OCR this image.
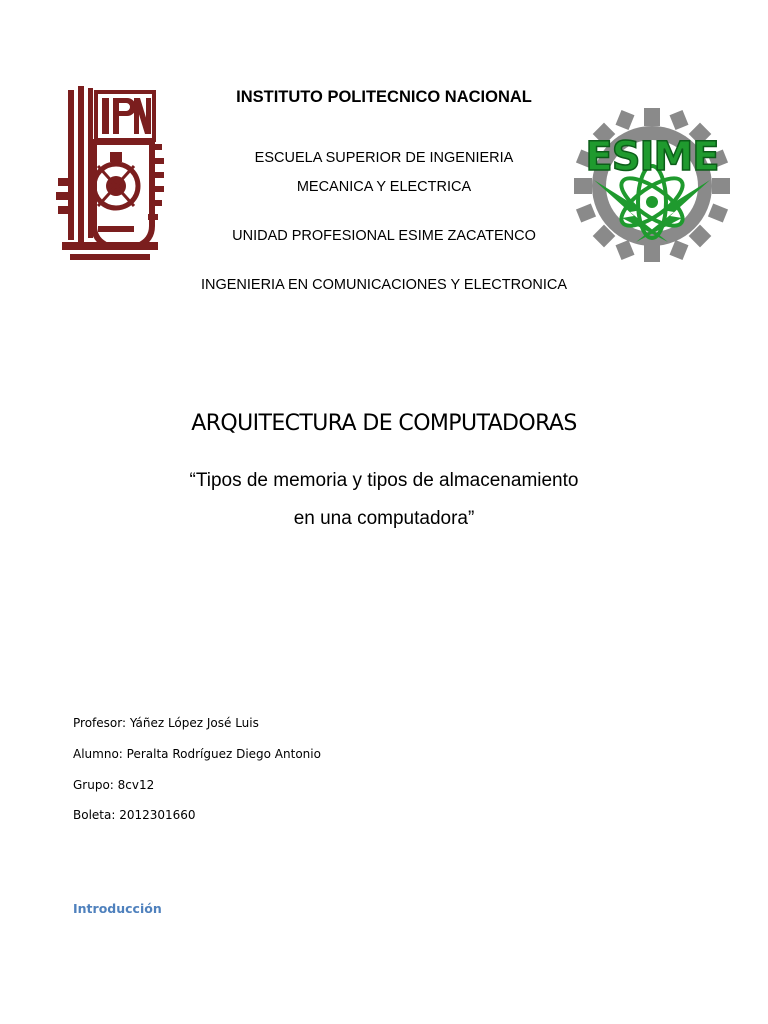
ESIME
INSTITUTO POLITECNICO NACIONAL
ESCUELA SUPERIOR DE INGENIERIA
MECANICA Y ELECTRICA
UNIDAD PROFESIONAL ESIME ZACATENCO
INGENIERIA EN COMUNICACIONES Y ELECTRONICA
ARQUITECTURA DE COMPUTADORAS
“Tipos de memoria y tipos de almacenamiento
en una computadora”
Profesor: Yáñez López José Luis
Alumno: Peralta Rodríguez Diego Antonio
Grupo: 8cv12
Boleta: 2012301660
Introducción
